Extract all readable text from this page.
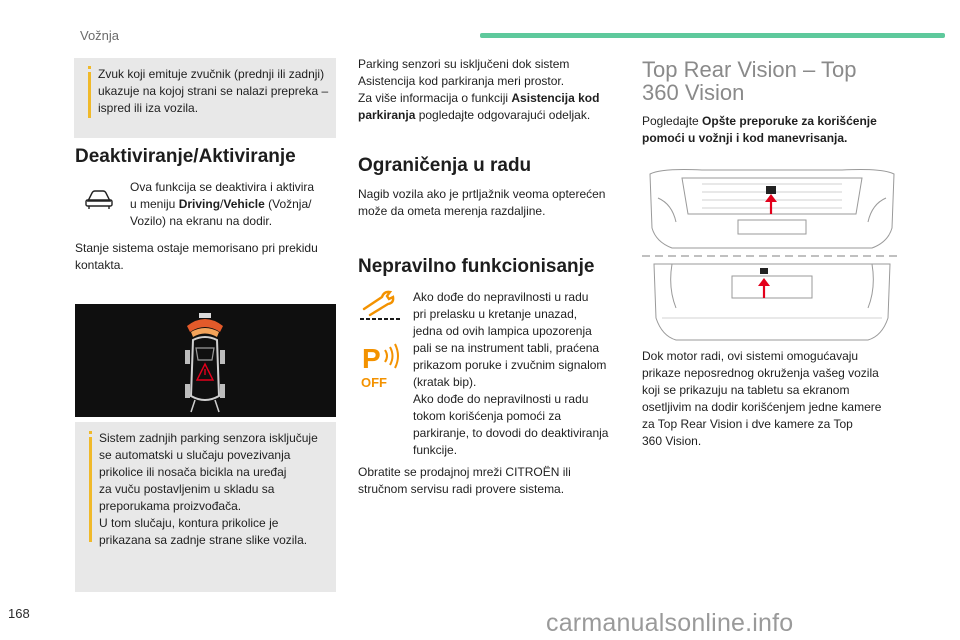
Vožnja
Zvuk koji emituje zvučnik (prednji ili zadnji)
ukazuje na kojoj strani se nalazi prepreka –
ispred ili iza vozila.
Deaktiviranje/Aktiviranje
Ova funkcija se deaktivira i aktivira
u meniju Driving/Vehicle (Vožnja/
Vozilo) na ekranu na dodir.
Stanje sistema ostaje memorisano pri prekidu
kontakta.
Sistem zadnjih parking senzora isključuje
se automatski u slučaju povezivanja
prikolice ili nosača bicikla na uređaj
za vuču postavljenim u skladu sa
preporukama proizvođača.
U tom slučaju, kontura prikolice je
prikazana sa zadnje strane slike vozila.
Parking senzori su isključeni dok sistem
Asistencija kod parkiranja meri prostor.
Za više informacija o funkciji Asistencija kod
parkiranja pogledajte odgovarajući odeljak.
Ograničenja u radu
Nagib vozila ako je prtljažnik veoma opterećen
može da ometa merenja razdaljine.
Nepravilno funkcionisanje
P
OFF
Ako dođe do nepravilnosti u radu
pri prelasku u kretanje unazad,
jedna od ovih lampica upozorenja
pali se na instrument tabli, praćena
prikazom poruke i zvučnim signalom
(kratak bip).
Ako dođe do nepravilnosti u radu
tokom korišćenja pomoći za
parkiranje, to dovodi do deaktiviranja
funkcije.
Obratite se prodajnoj mreži CITROËN ili
stručnom servisu radi provere sistema.
Top Rear Vision – Top
360 Vision
Pogledajte Opšte preporuke za korišćenje
pomoći u vožnji i kod manevrisanja.
Dok motor radi, ovi sistemi omogućavaju
prikaze neposrednog okruženja vašeg vozila
koji se prikazuju na tabletu sa ekranom
osetljivim na dodir korišćenjem jedne kamere
za Top Rear Vision i dve kamere za Top
360 Vision.
168	carmanualsonline.info
